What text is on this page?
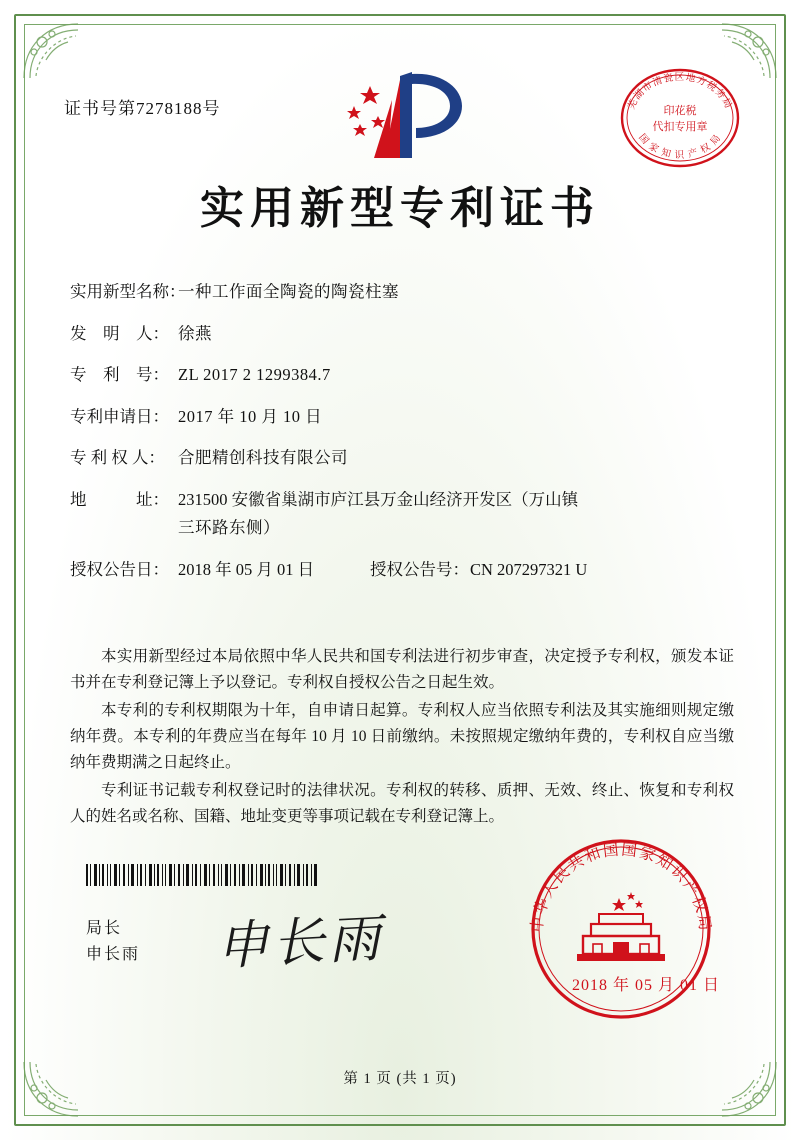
证书号第7278188号	芜湖市清瓷区地方税务局
国 家 知 识 产 权 局
印花税
代扣专用章
实用新型专利证书
实用新型名称：
一种工作面全陶瓷的陶瓷柱塞
发　明　人： 徐燕
专　利　号： ZL 2017 2 1299384.7
专利申请日： 2017 年 10 月 10 日
专 利 权 人： 合肥精创科技有限公司
地　　　址： 231500 安徽省巢湖市庐江县万金山经济开发区（万山镇
三环路东侧）
授权公告日： 2018 年 05 月 01 日	授权公告号： CN 207297321 U

本实用新型经过本局依照中华人民共和国专利法进行初步审查，决定授予专利权，颁发本证书并在专利登记簿上予以登记。专利权自授权公告之日起生效。

本专利的专利权期限为十年，自申请日起算。专利权人应当依照专利法及其实施细则规定缴纳年费。本专利的年费应当在每年 10 月 10 日前缴纳。未按照规定缴纳年费的，专利权自应当缴纳年费期满之日起终止。

专利证书记载专利权登记时的法律状况。专利权的转移、质押、无效、终止、恢复和专利权人的姓名或名称、国籍、地址变更等事项记载在专利登记簿上。

局长
申长雨 申长雨	中华人民共和国国家知识产权局
2018 年 05 月 01 日
第 1 页 (共 1 页)
